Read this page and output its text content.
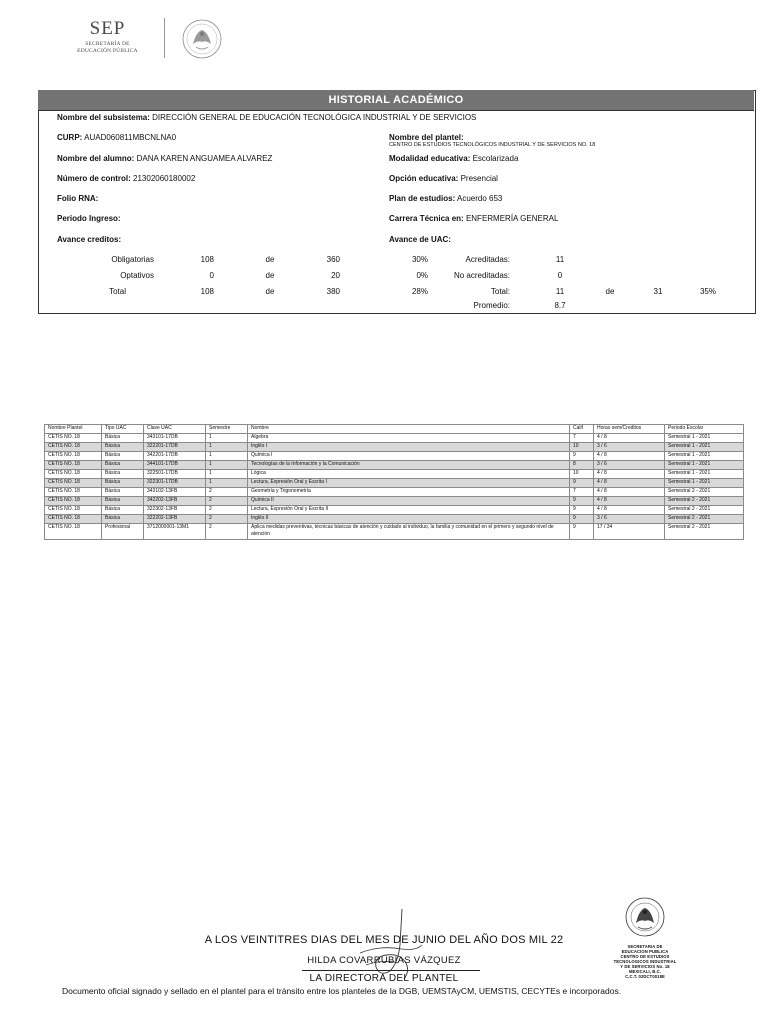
SEP
SECRETARÍA DE
EDUCACIÓN PÚBLICA
HISTORIAL ACADÉMICO
Nombre del subsistema: DIRECCIÓN GENERAL DE EDUCACIÓN TECNOLÓGICA INDUSTRIAL Y DE SERVICIOS
CURP: AUAD060811MBCNLNA0	Nombre del plantel:
CENTRO DE ESTUDIOS TECNOLÓGICOS INDUSTRIAL Y DE SERVICIOS NO. 18
Nombre del alumno: DANA KAREN ANGUAMEA ALVAREZ	Modalidad educativa: Escolarizada
Número de control: 21302060180002	Opción educativa: Presencial
Folio RNA:	Plan de estudios: Acuerdo 653
Periodo Ingreso:	Carrera Técnica en: ENFERMERÍA GENERAL
Avance creditos:	Avance de UAC:
Obligatorias	108	de	360	30%
Optativos	0	de	20	0%
Total	108	de	380	28%
Acreditadas:	11
No acreditadas:	0
Total:	11	de	31	35%
Promedio:	8.7
Nombre Plantel	Tipo UAC	Clave UAC	Semestre	Nombre	Calif	Horas sem/Creditos	Periodo Escolar
CETIS NO. 18	Básica	343101-17DB	1	Álgebra	7	4 / 8	Semestral 1 - 2021
CETIS NO. 18	Básica	322201-17DB	1	Inglés I	10	3 / 6	Semestral 1 - 2021
CETIS NO. 18	Básica	342201-17DB	1	Química I	9	4 / 8	Semestral 1 - 2021
CETIS NO. 18	Básica	344101-17DB	1	Tecnologías de la Información y la Comunicación	8	3 / 6	Semestral 1 - 2021
CETIS NO. 18	Básica	322501-17DB	1	Lógica	10	4 / 8	Semestral 1 - 2021
CETIS NO. 18	Básica	322301-17DB	1	Lectura, Expresión Oral y Escrita I	9	4 / 8	Semestral 1 - 2021
CETIS NO. 18	Básica	343102-13FB	2	Geometría y Trigonometría	7	4 / 8	Semestral 2 - 2021
CETIS NO. 18	Básica	342202-13FB	2	Química II	9	4 / 8	Semestral 2 - 2021
CETIS NO. 18	Básica	322302-13FB	2	Lectura, Expresión Oral y Escrita II	9	4 / 8	Semestral 2 - 2021
CETIS NO. 18	Básica	322202-13FB	2	Inglés II	9	3 / 6	Semestral 2 - 2021
CETIS NO. 18	Profesional	3712000001-13M1	2	Aplica medidas preventivas, técnicas básicas de atención y cuidado al individuo, la familia y comunidad en el primero y segundo nivel de atención	9	17 / 34	Semestral 2 - 2021
A LOS VEINTITRES DIAS DEL MES DE JUNIO DEL AÑO DOS MIL 22
HILDA COVARRUBIAS VÁZQUEZ
LA DIRECTORA DEL PLANTEL
Documento oficial signado y sellado en el plantel para el tránsito entre los planteles de la DGB, UEMSTAyCM, UEMSTIS, CECYTEs e incorporados.
SECRETARIA DE
EDUCACION PUBLICA
CENTRO DE ESTUDIOS
TECNOLOGICOS INDUSTRIAL
Y DE SERVICIOS No. 18
MEXICALI, B.C.
C.C.T. 02DCT0018E
